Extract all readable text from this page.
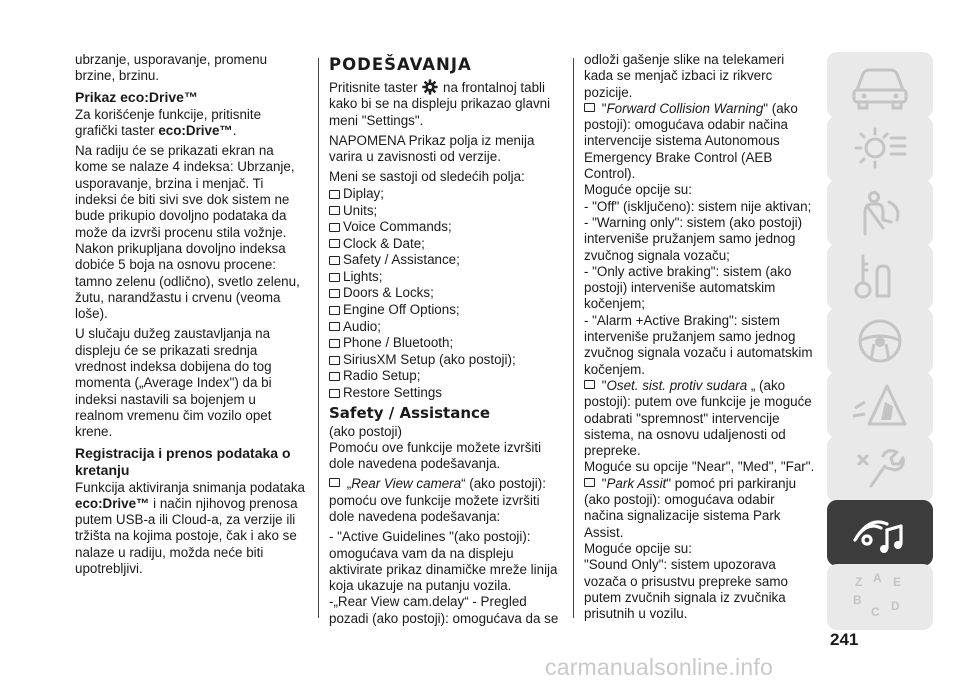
ubrzanje, usporavanje, promenu brzine, brzinu.

Prikaz eco:Drive™

Za korišćenje funkcije, pritisnite grafički taster eco:Drive™.

Na radiju će se prikazati ekran na kome se nalaze 4 indeksa: Ubrzanje, usporavanje, brzina i menjač. Ti indeksi će biti sivi sve dok sistem ne bude prikupio dovoljno podataka da može da izvrši procenu stila vožnje. Nakon prikupljana dovoljno indeksa dobiće 5 boja na osnovu procene: tamno zelenu (odlično), svetlo zelenu, žutu, narandžastu i crvenu (veoma loše).

U slučaju dužeg zaustavljanja na displeju će se prikazati srednja vrednost indeksa dobijena do tog momenta („Average Index") da bi indeksi nastavili sa bojenjem u realnom vremenu čim vozilo opet krene.

Registracija i prenos podataka o kretanju

Funkcija aktiviranja snimanja podataka eco:Drive™ i način njihovog prenosa putem USB-a ili Cloud-a, za verzije ili tržišta na kojima postoje, čak i ako se nalaze u radiju, možda neće biti upotrebljivi.

PODEŠAVANJA

Pritisnite taster  na frontalnoj tabli kako bi se na displeju prikazao glavni meni "Settings".

NAPOMENA Prikaz polja iz menija varira u zavisnosti od verzije.

Meni se sastoji od sledećih polja:

Diplay;
Units;
Voice Commands;
Clock & Date;
Safety / Assistance;
Lights;
Doors & Locks;
Engine Off Options;
Audio;
Phone / Bluetooth;
SiriusXM Setup (ako postoji);
Radio Setup;
Restore Settings
Safety / Assistance

(ako postoji)

Pomoću ove funkcije možete izvršiti dole navedena podešavanja.

„Rear View camera“ (ako postoji): pomoću ove funkcije možete izvršiti dole navedena podešavanja:

- "Active Guidelines "(ako postoji): omogućava vam da na displeju aktivirate prikaz dinamičke mreže linija koja ukazuje na putanju vozila.

-„Rear View cam.delay“ - Pregled pozadi (ako postoji): omogućava da se

odloži gašenje slike na telekameri kada se menjač izbaci iz rikverc pozicije.

"Forward Collision Warning" (ako postoji): omogućava odabir načina intervencije sistema Autonomous Emergency Brake Control (AEB Control).

Moguće opcije su:

- "Off" (isključeno): sistem nije aktivan;

- "Warning only": sistem (ako postoji) interveniše pružanjem samo jednog zvučnog signala vozaču;

- "Only active braking": sistem (ako postoji) interveniše automatskim kočenjem;

- "Alarm +Active Braking": sistem interveniše pružanjem samo jednog zvučnog signala vozaču i automatskim kočenjem.

"Oset. sist. protiv sudara „ (ako postoji): putem ove funkcije je moguće odabrati "spremnost" intervencije sistema, na osnovu udaljenosti od prepreke.

Moguće su opcije "Near", "Med", "Far".

"Park Assit" pomoć pri parkiranju (ako postoji): omogućava odabir načina signalizacije sistema Park Assist.

Moguće opcije su:

"Sound Only": sistem upozorava vozača o prisustvu prepreke samo putem zvučnih signala iz zvučnika prisutnih u vozilu.

Z A E
B
C D
241
carmanualsonline.info
